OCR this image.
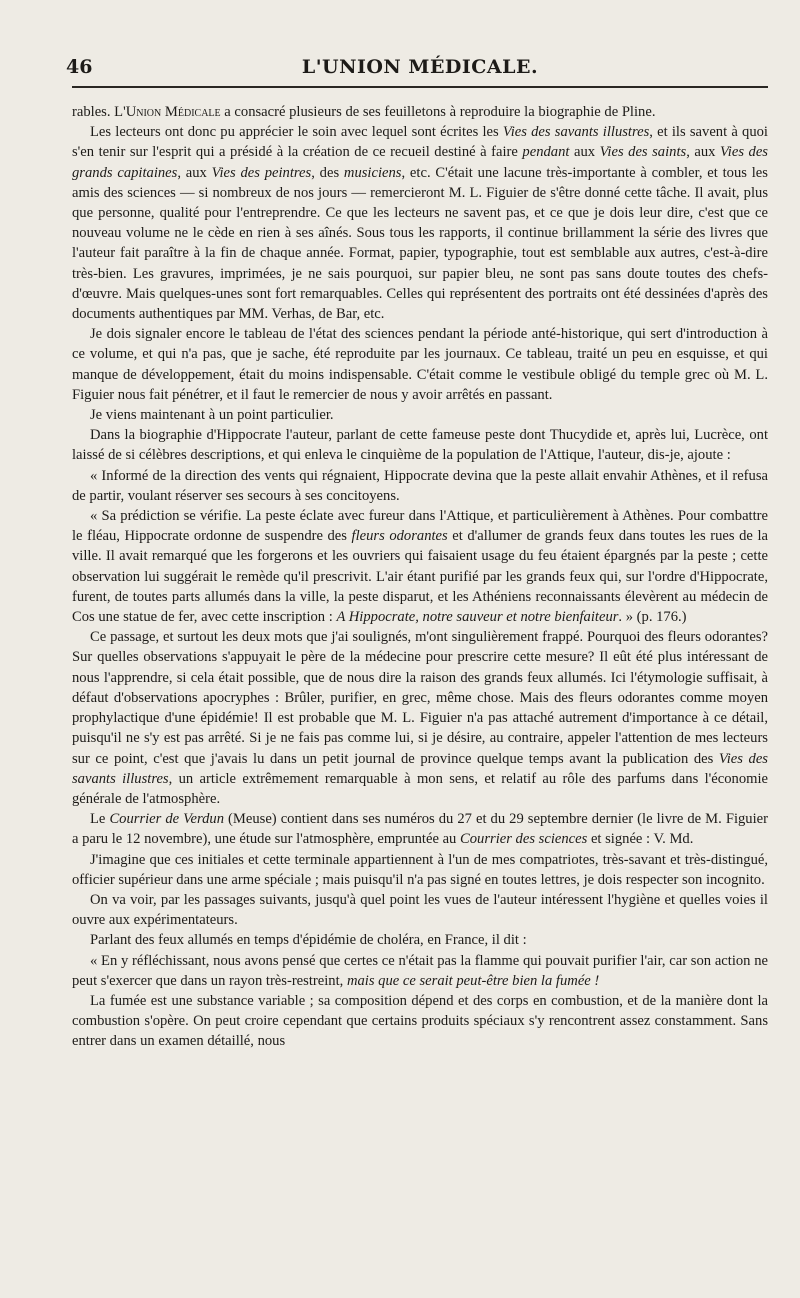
46	L'UNION MÉDICALE.

rables. L'Union Médicale a consacré plusieurs de ses feuilletons à reproduire la biographie de Pline.

Les lecteurs ont donc pu apprécier le soin avec lequel sont écrites les Vies des savants illustres, et ils savent à quoi s'en tenir sur l'esprit qui a présidé à la création de ce recueil destiné à faire pendant aux Vies des saints, aux Vies des grands capitaines, aux Vies des peintres, des musiciens, etc. C'était une lacune très-importante à combler, et tous les amis des sciences — si nombreux de nos jours — remercieront M. L. Figuier de s'être donné cette tâche. Il avait, plus que personne, qualité pour l'entreprendre. Ce que les lecteurs ne savent pas, et ce que je dois leur dire, c'est que ce nouveau volume ne le cède en rien à ses aînés. Sous tous les rapports, il continue brillamment la série des livres que l'auteur fait paraître à la fin de chaque année. Format, papier, typographie, tout est semblable aux autres, c'est-à-dire très-bien. Les gravures, imprimées, je ne sais pourquoi, sur papier bleu, ne sont pas sans doute toutes des chefs-d'œuvre. Mais quelques-unes sont fort remarquables. Celles qui représentent des portraits ont été dessinées d'après des documents authentiques par MM. Verhas, de Bar, etc.

Je dois signaler encore le tableau de l'état des sciences pendant la période anté-historique, qui sert d'introduction à ce volume, et qui n'a pas, que je sache, été reproduite par les journaux. Ce tableau, traité un peu en esquisse, et qui manque de développement, était du moins indispensable. C'était comme le vestibule obligé du temple grec où M. L. Figuier nous fait pénétrer, et il faut le remercier de nous y avoir arrêtés en passant.

Je viens maintenant à un point particulier.

Dans la biographie d'Hippocrate l'auteur, parlant de cette fameuse peste dont Thucydide et, après lui, Lucrèce, ont laissé de si célèbres descriptions, et qui enleva le cinquième de la population de l'Attique, l'auteur, dis-je, ajoute :

« Informé de la direction des vents qui régnaient, Hippocrate devina que la peste allait envahir Athènes, et il refusa de partir, voulant réserver ses secours à ses concitoyens.

« Sa prédiction se vérifie. La peste éclate avec fureur dans l'Attique, et particulièrement à Athènes. Pour combattre le fléau, Hippocrate ordonne de suspendre des fleurs odorantes et d'allumer de grands feux dans toutes les rues de la ville. Il avait remarqué que les forgerons et les ouvriers qui faisaient usage du feu étaient épargnés par la peste ; cette observation lui suggérait le remède qu'il prescrivit. L'air étant purifié par les grands feux qui, sur l'ordre d'Hippocrate, furent, de toutes parts allumés dans la ville, la peste disparut, et les Athéniens reconnaissants élevèrent au médecin de Cos une statue de fer, avec cette inscription : A Hippocrate, notre sauveur et notre bienfaiteur. » (p. 176.)

Ce passage, et surtout les deux mots que j'ai soulignés, m'ont singulièrement frappé. Pourquoi des fleurs odorantes? Sur quelles observations s'appuyait le père de la médecine pour prescrire cette mesure? Il eût été plus intéressant de nous l'apprendre, si cela était possible, que de nous dire la raison des grands feux allumés. Ici l'étymologie suffisait, à défaut d'observations apocryphes : Brûler, purifier, en grec, même chose. Mais des fleurs odorantes comme moyen prophylactique d'une épidémie! Il est probable que M. L. Figuier n'a pas attaché autrement d'importance à ce détail, puisqu'il ne s'y est pas arrêté. Si je ne fais pas comme lui, si je désire, au contraire, appeler l'attention de mes lecteurs sur ce point, c'est que j'avais lu dans un petit journal de province quelque temps avant la publication des Vies des savants illustres, un article extrêmement remarquable à mon sens, et relatif au rôle des parfums dans l'économie générale de l'atmosphère.

Le Courrier de Verdun (Meuse) contient dans ses numéros du 27 et du 29 septembre dernier (le livre de M. Figuier a paru le 12 novembre), une étude sur l'atmosphère, empruntée au Courrier des sciences et signée : V. Md.

J'imagine que ces initiales et cette terminale appartiennent à l'un de mes compatriotes, très-savant et très-distingué, officier supérieur dans une arme spéciale ; mais puisqu'il n'a pas signé en toutes lettres, je dois respecter son incognito.

On va voir, par les passages suivants, jusqu'à quel point les vues de l'auteur intéressent l'hygiène et quelles voies il ouvre aux expérimentateurs.

Parlant des feux allumés en temps d'épidémie de choléra, en France, il dit :

« En y réfléchissant, nous avons pensé que certes ce n'était pas la flamme qui pouvait purifier l'air, car son action ne peut s'exercer que dans un rayon très-restreint, mais que ce serait peut-être bien la fumée !

La fumée est une substance variable ; sa composition dépend et des corps en combustion, et de la manière dont la combustion s'opère. On peut croire cependant que certains produits spéciaux s'y rencontrent assez constamment. Sans entrer dans un examen détaillé, nous
